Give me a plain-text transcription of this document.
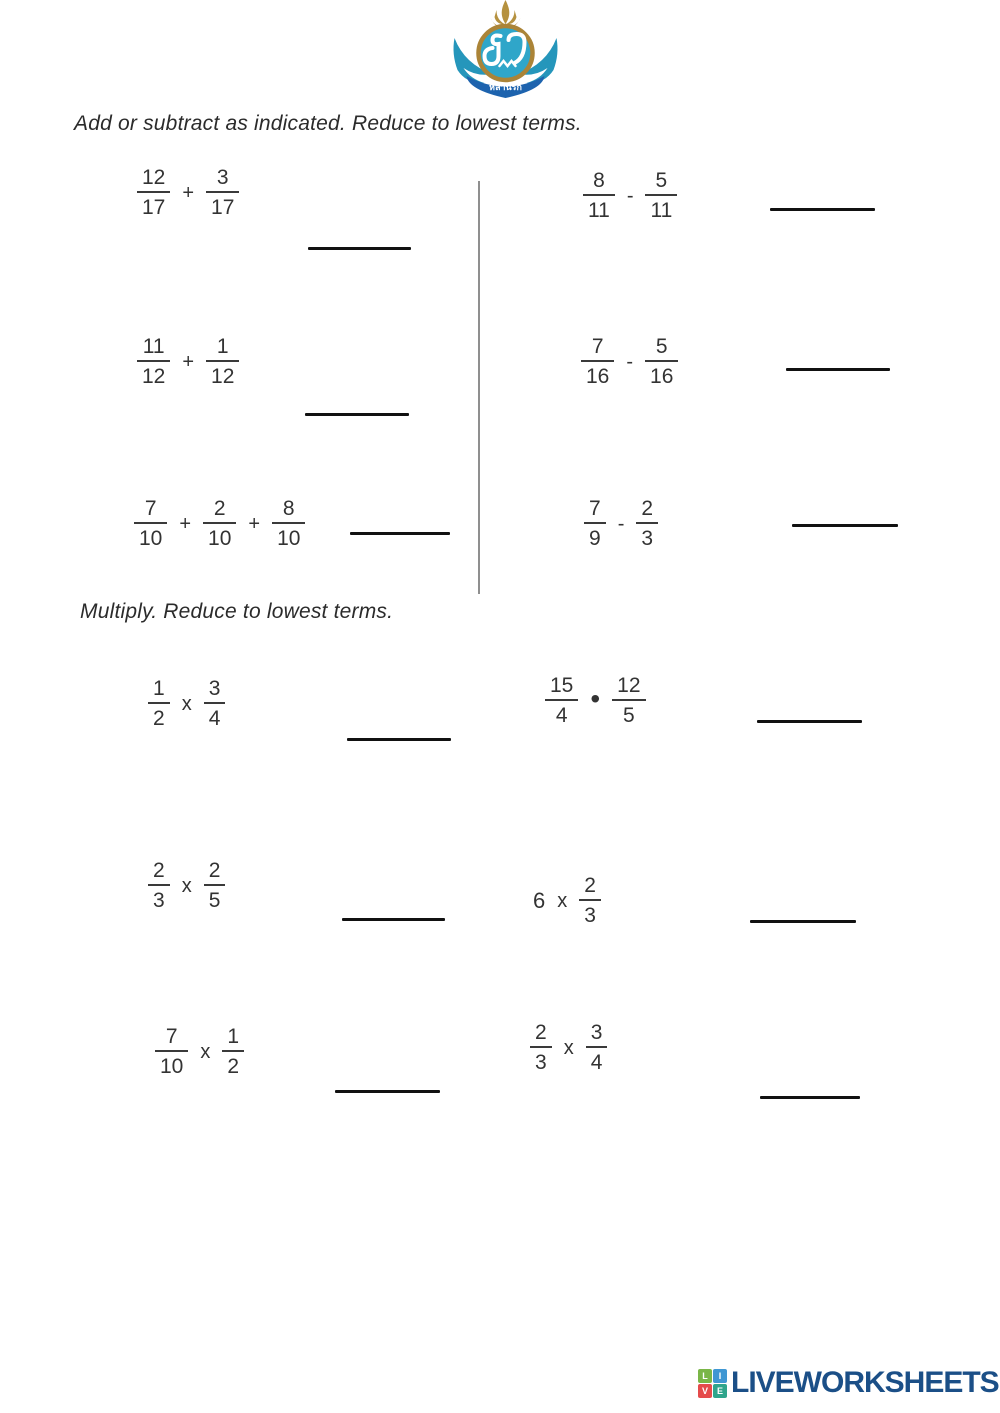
หลานรัก
Add or subtract as indicated. Reduce to lowest terms.
$\frac{12}{17} + \frac{3}{17}$
$\frac{11}{12} + \frac{1}{12}$
$\frac{7}{10} + \frac{2}{10} + \frac{8}{10}$
$\frac{8}{11} - \frac{5}{11}$
$\frac{7}{16} - \frac{5}{16}$
$\frac{7}{9} - \frac{2}{3}$
Multiply. Reduce to lowest terms.
$\frac{1}{2}$ x $\frac{3}{4}$
$\frac{2}{3}$ x $\frac{2}{5}$
$\frac{7}{10}$ x $\frac{1}{2}$
$\frac{15}{4}$ • $\frac{12}{5}$
6 x $\frac{2}{3}$
$\frac{2}{3}$ x $\frac{3}{4}$
L	I
V E LIVEWORKSHEETS
